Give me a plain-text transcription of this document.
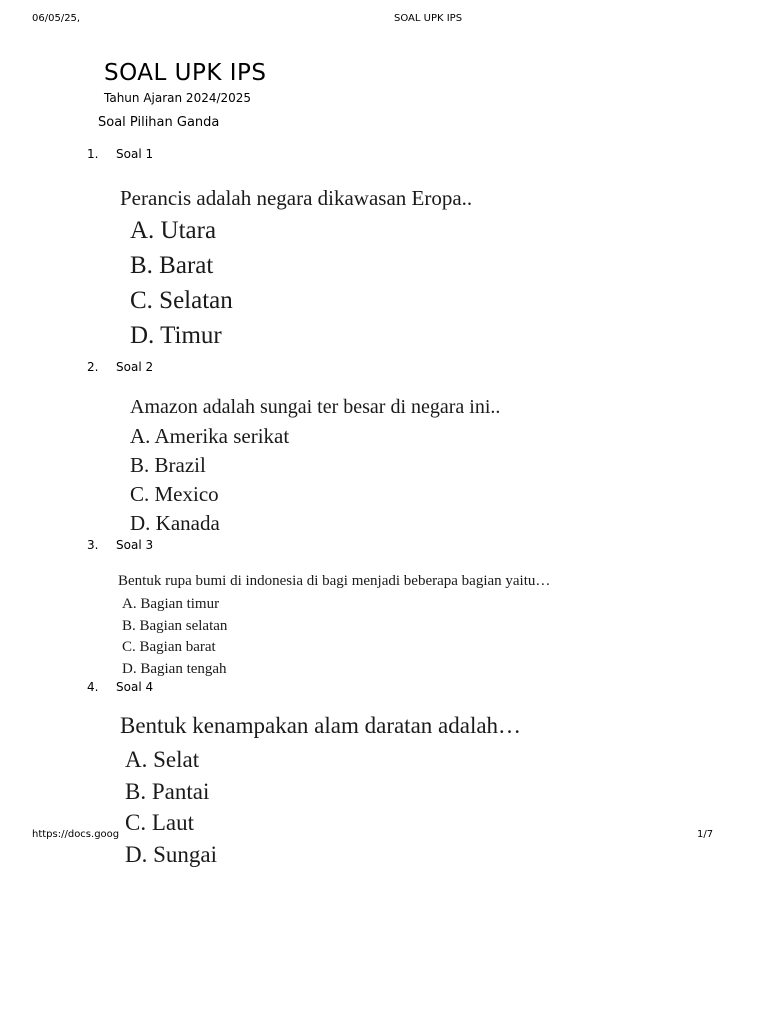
06/05/25,	SOAL UPK IPS
SOAL UPK IPS
Tahun Ajaran 2024/2025
Soal Pilihan Ganda
1. Soal 1
Perancis adalah negara dikawasan Eropa..
A. Utara
B. Barat
C. Selatan
D. Timur
2. Soal 2
Amazon adalah sungai ter besar di negara ini..
A. Amerika serikat
B. Brazil
C. Mexico
D. Kanada
3. Soal 3
Bentuk rupa bumi di indonesia di bagi menjadi beberapa bagian yaitu…
A. Bagian timur
B. Bagian selatan
C. Bagian barat
D. Bagian tengah
4. Soal 4
Bentuk kenampakan alam daratan adalah…
A. Selat
B. Pantai
C. Laut
D. Sungai
https://docs.goog	1/7
